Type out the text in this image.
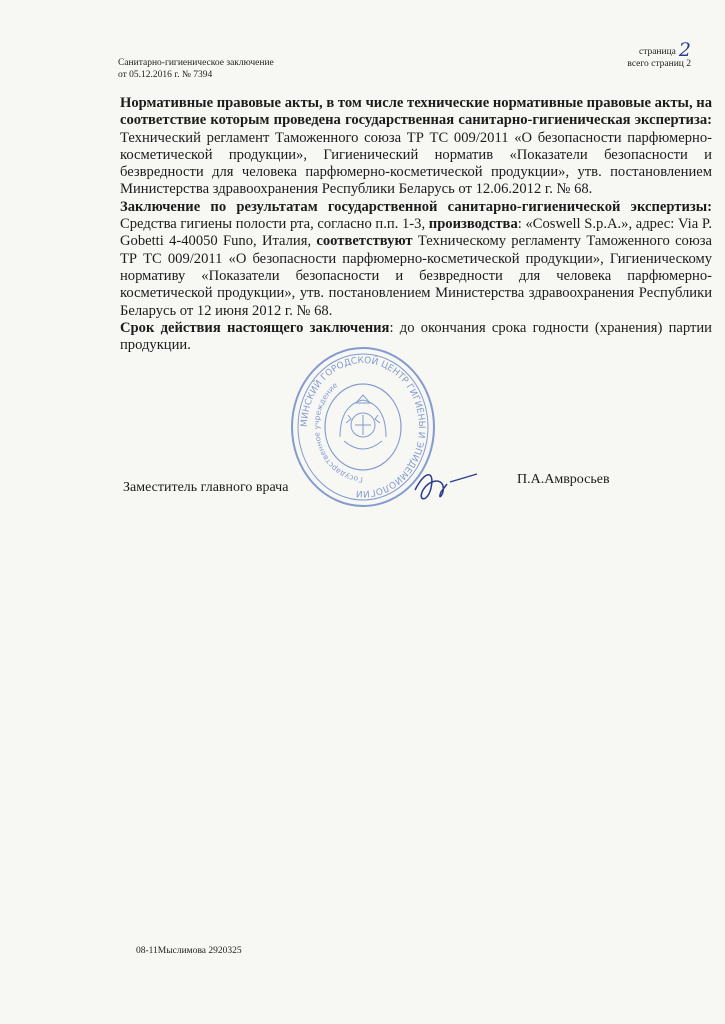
Санитарно-гигиеническое заключение
от 05.12.2016 г. № 7394
страница 2
всего страниц 2

Нормативные правовые акты, в том числе технические нормативные правовые акты, на соответствие которым проведена государственная санитарно-гигиеническая экспертиза: Технический регламент Таможенного союза ТР ТС 009/2011 «О безопасности парфюмерно-косметической продукции», Гигиенический норматив «Показатели безопасности и безвредности для человека парфюмерно-косметической продукции», утв. постановлением Министерства здравоохранения Республики Беларусь от 12.06.2012 г. № 68.

Заключение по результатам государственной санитарно-гигиенической экспертизы: Средства гигиены полости рта, согласно п.п. 1-3, производства: «Coswell S.p.A.», адрес: Via P. Gobetti 4-40050 Funo, Италия, соответствуют Техническому регламенту Таможенного союза ТР ТС 009/2011 «О безопасности парфюмерно-косметической продукции», Гигиеническому нормативу «Показатели безопасности и безвредности для человека парфюмерно-косметической продукции», утв. постановлением Министерства здравоохранения Республики Беларусь от 12 июня 2012 г. № 68.

Срок действия настоящего заключения: до окончания срока годности (хранения) партии продукции.

МИНСКИЙ ГОРОДСКОЙ ЦЕНТР ГИГИЕНЫ И ЭПИДЕМИОЛОГИИ
Государственное учреждение
Заместитель главного врача
П.А.Амвросьев
08-11Мыслимова 2920325
